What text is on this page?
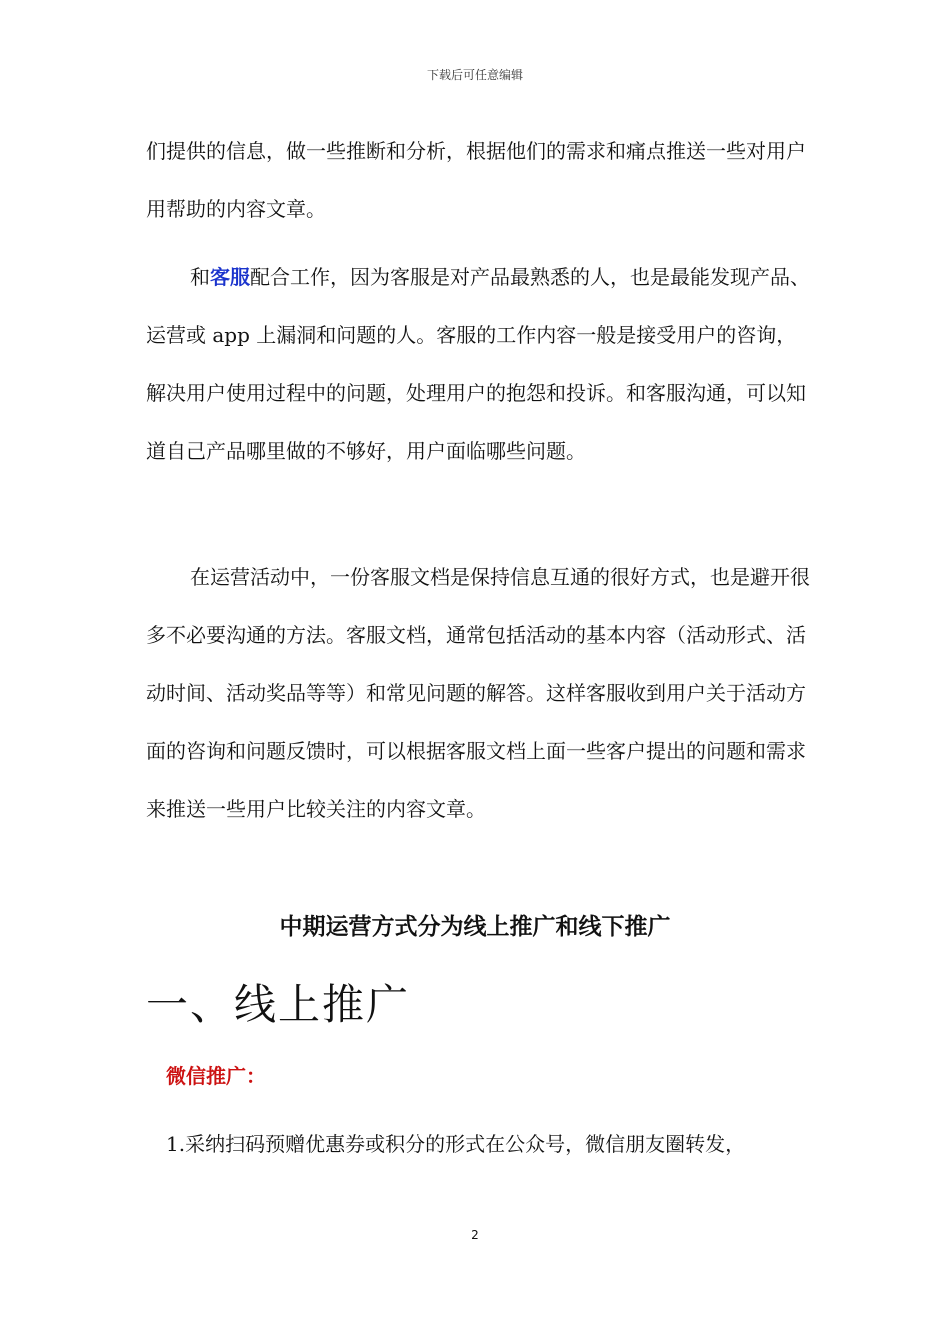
下载后可任意编辑
们提供的信息，做一些推断和分析，根据他们的需求和痛点推送一些对用户用帮助的内容文章。
和客服配合工作，因为客服是对产品最熟悉的人，也是最能发现产品、运营或 app 上漏洞和问题的人。客服的工作内容一般是接受用户的咨询，解决用户使用过程中的问题，处理用户的抱怨和投诉。和客服沟通，可以知道自己产品哪里做的不够好，用户面临哪些问题。
在运营活动中，一份客服文档是保持信息互通的很好方式，也是避开很多不必要沟通的方法。客服文档，通常包括活动的基本内容（活动形式、活动时间、活动奖品等等）和常见问题的解答。这样客服收到用户关于活动方面的咨询和问题反馈时，可以根据客服文档上面一些客户提出的问题和需求来推送一些用户比较关注的内容文章。
中期运营方式分为线上推广和线下推广
一、线上推广
微信推广：
1.采纳扫码预赠优惠券或积分的形式在公众号，微信朋友圈转发，
2
